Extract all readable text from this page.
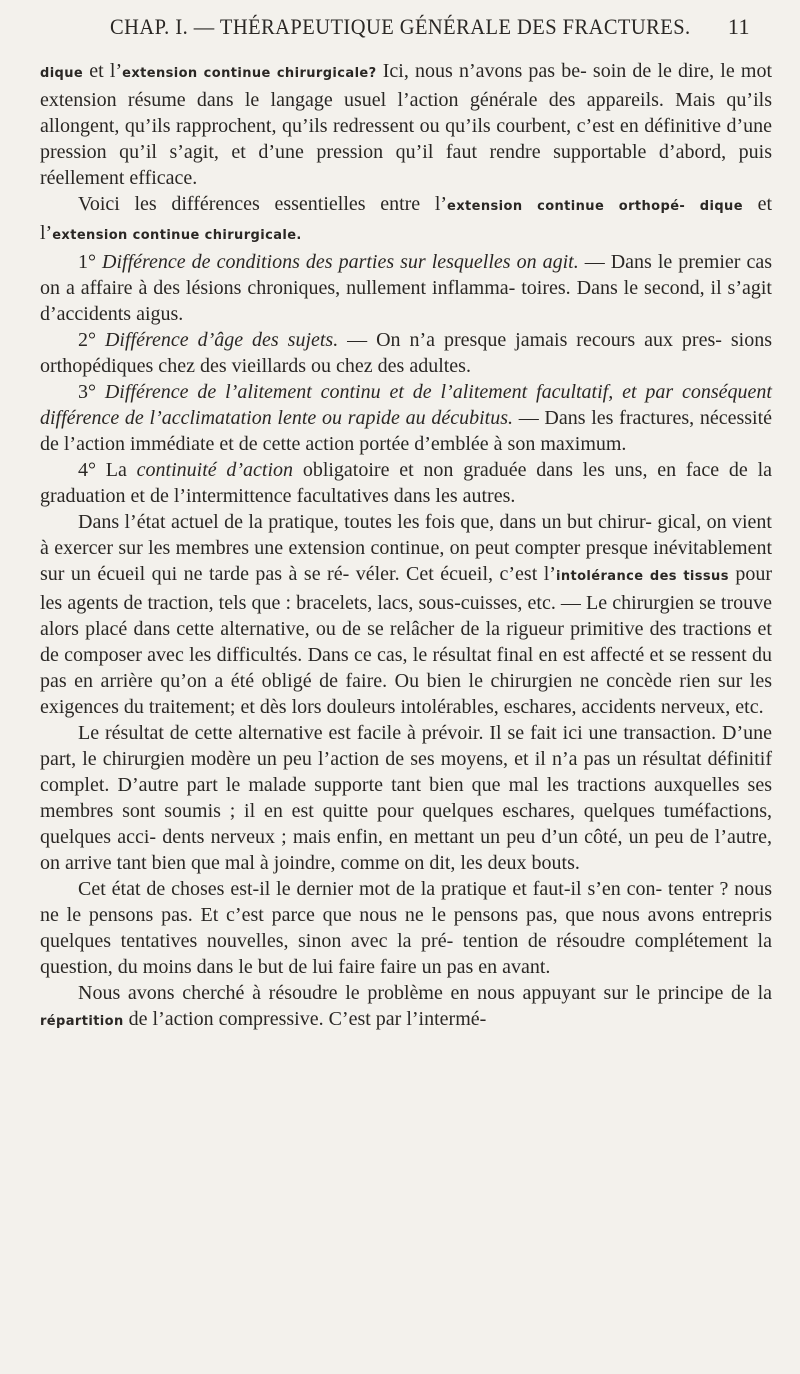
CHAP. I. — THÉRAPEUTIQUE GÉNÉRALE DES FRACTURES. 11

dique et l’extension continue chirurgicale? Ici, nous n’avons pas be- soin de le dire, le mot extension résume dans le langage usuel l’action générale des appareils. Mais qu’ils allongent, qu’ils rapprochent, qu’ils redressent ou qu’ils courbent, c’est en définitive d’une pression qu’il s’agit, et d’une pression qu’il faut rendre supportable d’abord, puis réellement efficace.

Voici les différences essentielles entre l’extension continue orthopé- dique et l’extension continue chirurgicale.

1° Différence de conditions des parties sur lesquelles on agit. — Dans le premier cas on a affaire à des lésions chroniques, nullement inflamma- toires. Dans le second, il s’agit d’accidents aigus.

2° Différence d’âge des sujets. — On n’a presque jamais recours aux pres- sions orthopédiques chez des vieillards ou chez des adultes.

3° Différence de l’alitement continu et de l’alitement facultatif, et par conséquent différence de l’acclimatation lente ou rapide au décubitus. — Dans les fractures, nécessité de l’action immédiate et de cette action portée d’emblée à son maximum.

4° La continuité d’action obligatoire et non graduée dans les uns, en face de la graduation et de l’intermittence facultatives dans les autres.

Dans l’état actuel de la pratique, toutes les fois que, dans un but chirur- gical, on vient à exercer sur les membres une extension continue, on peut compter presque inévitablement sur un écueil qui ne tarde pas à se ré- véler. Cet écueil, c’est l’intolérance des tissus pour les agents de traction, tels que : bracelets, lacs, sous-cuisses, etc. — Le chirurgien se trouve alors placé dans cette alternative, ou de se relâcher de la rigueur primitive des tractions et de composer avec les difficultés. Dans ce cas, le résultat final en est affecté et se ressent du pas en arrière qu’on a été obligé de faire. Ou bien le chirurgien ne concède rien sur les exigences du traitement; et dès lors douleurs intolérables, eschares, accidents nerveux, etc.

Le résultat de cette alternative est facile à prévoir. Il se fait ici une transaction. D’une part, le chirurgien modère un peu l’action de ses moyens, et il n’a pas un résultat définitif complet. D’autre part le malade supporte tant bien que mal les tractions auxquelles ses membres sont soumis ; il en est quitte pour quelques eschares, quelques tuméfactions, quelques acci- dents nerveux ; mais enfin, en mettant un peu d’un côté, un peu de l’autre, on arrive tant bien que mal à joindre, comme on dit, les deux bouts.

Cet état de choses est-il le dernier mot de la pratique et faut-il s’en con- tenter ? nous ne le pensons pas. Et c’est parce que nous ne le pensons pas, que nous avons entrepris quelques tentatives nouvelles, sinon avec la pré- tention de résoudre complétement la question, du moins dans le but de lui faire faire un pas en avant.

Nous avons cherché à résoudre le problème en nous appuyant sur le principe de la répartition de l’action compressive. C’est par l’intermé-
